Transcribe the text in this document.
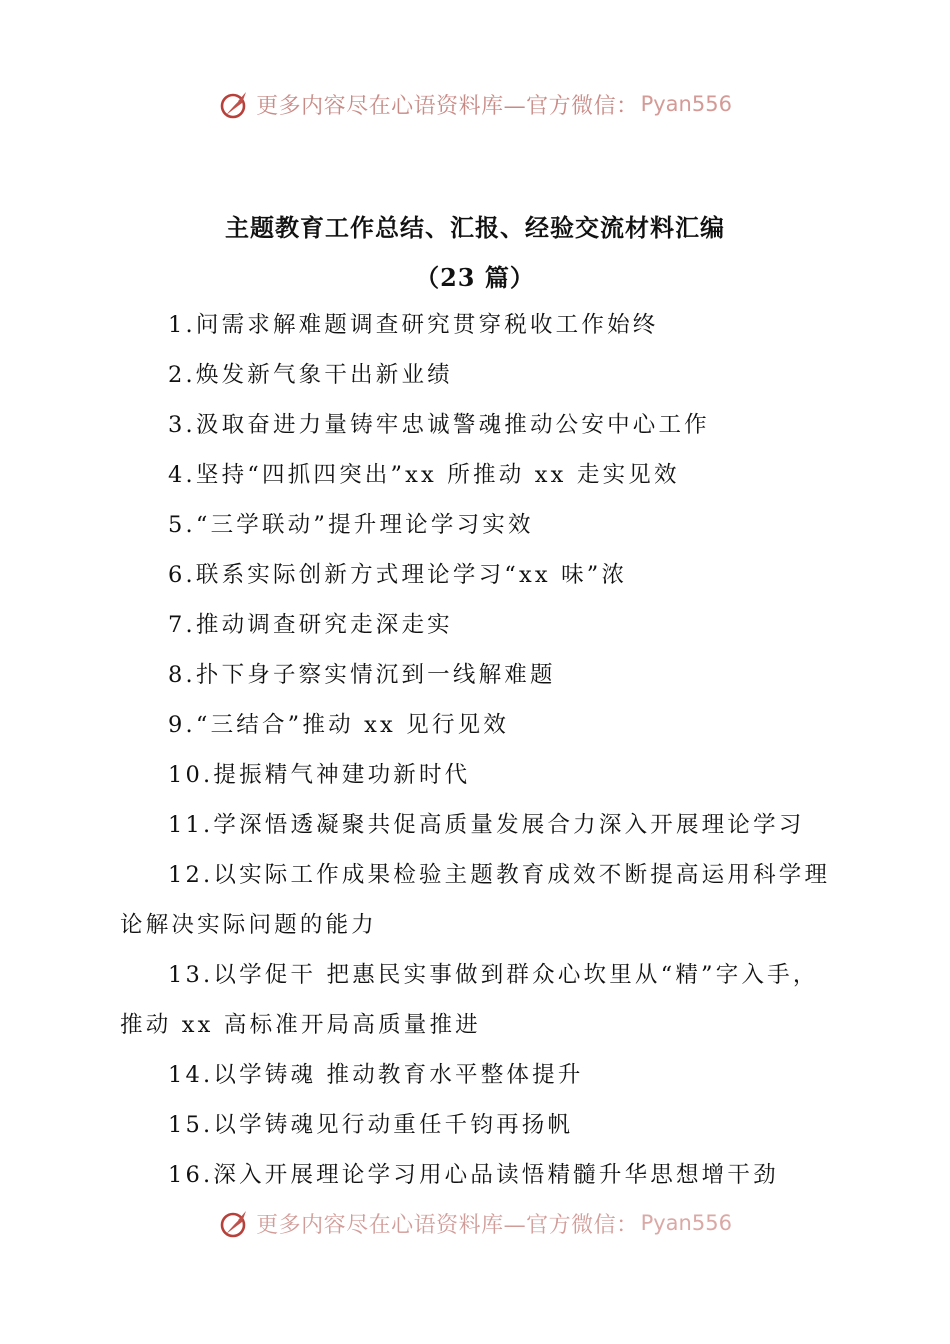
更多内容尽在心语资料库—官方微信： Pyan556
主题教育工作总结、汇报、经验交流材料汇编
（23 篇）
1.问需求解难题调查研究贯穿税收工作始终
2.焕发新气象干出新业绩
3.汲取奋进力量铸牢忠诚警魂推动公安中心工作
4.坚持“四抓四突出”xx 所推动 xx 走实见效
5.“三学联动”提升理论学习实效
6.联系实际创新方式理论学习“xx 味”浓
7.推动调查研究走深走实
8.扑下身子察实情沉到一线解难题
9.“三结合”推动 xx 见行见效
10.提振精气神建功新时代
11.学深悟透凝聚共促高质量发展合力深入开展理论学习
12.以实际工作成果检验主题教育成效不断提高运用科学理
论解决实际问题的能力
13.以学促干 把惠民实事做到群众心坎里从“精”字入手，
推动 xx 高标准开局高质量推进
14.以学铸魂 推动教育水平整体提升
15.以学铸魂见行动重任千钧再扬帆
16.深入开展理论学习用心品读悟精髓升华思想增干劲
更多内容尽在心语资料库—官方微信： Pyan556
